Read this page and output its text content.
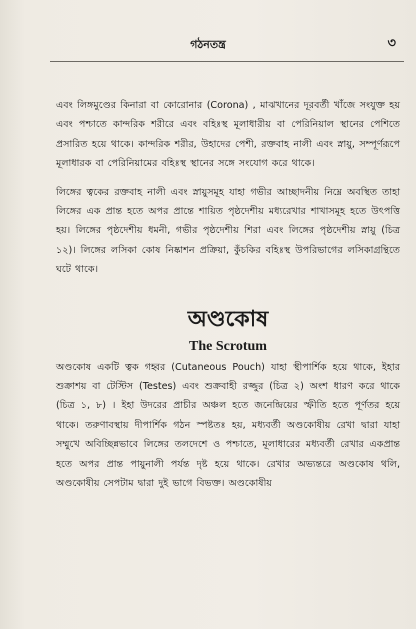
গঠনতন্ত্র	৩

এবং লিঙ্গমুণ্ডের কিনারা বা কোরোনার (Corona) , মাঝখানের দূরবর্তী খাঁজে সংযুক্ত হয় এবং পশ্চাতে কান্দরিক শরীরে এবং বহিঃস্থ মূলাধারীয় বা পেরিনিয়াল স্থানের পেশিতে প্রসারিত হয়ে থাকে। কান্দরিক শরীর, উহাদের পেশী, রক্তবাহ নালী এবং স্নায়ু, সম্পূর্ণরূপে মূলাধারক বা পেরিনিয়ামের বহিঃস্থ স্থানের সঙ্গে সংযোগ করে থাকে।

লিঙ্গের ত্বকের রক্তবাহ নালী এবং স্নায়ুসমূহ যাহা গভীর আচ্ছাদনীয় নিম্নে অবস্থিত তাহা লিঙ্গের এক প্রান্ত হতে অপর প্রান্তে শায়িত পৃষ্ঠদেশীয় মধ্যরেখার শাখাসমূহ হতে উৎপত্তি হয়। লিঙ্গের পৃষ্ঠদেশীয় ধমনী, গভীর পৃষ্ঠদেশীয় শিরা এবং লিঙ্গের পৃষ্ঠদেশীয় স্নায়ু (চিত্র ১২)। লিঙ্গের লসিকা কোষ নিষ্কাশন প্রক্রিয়া, কুঁচকির বহিঃস্থ উপরিভাগের লসিকাগ্রন্থিতে ঘটে থাকে।

অণ্ডকোষ
The Scrotum

অণ্ডকোষ একটি ত্বক গহ্বর (Cutaneous Pouch) যাহা স্থীপার্শিক হয়ে থাকে, ইহার শুক্রাশয় বা টেস্টিস (Testes) এবং শুক্রবাহী রজ্জুর (চিত্র ২) অংশ ধারণ করে থাকে (চিত্র ১, ৮) । ইহা উদরের প্রাচীর অঞ্চল হতে জনেন্দ্রিয়ের স্ফীতি হতে পূর্ণতর হয়ে থাকে। তরুণাবস্থায় দীপার্শিক গঠন স্পষ্টতঃ হয়, মধ্যবর্তী অণ্ডকোষীয় রেখা দ্বারা যাহা সম্মুখে অবিচ্ছিন্নভাবে লিঙ্গের তলদেশে ও পশ্চাতে, মূলাধারের মধ্যবর্তী রেখার একপ্রান্ত হতে অপর প্রান্ত পায়ুনালী পর্যন্ত দৃষ্ট হয়ে থাকে। রেখার অভ্যন্তরে অণ্ডকোষ থলি, অণ্ডকোষীয় সেপটাম দ্বারা দুই ভাগে বিভক্ত। অণ্ডকোষীয়
